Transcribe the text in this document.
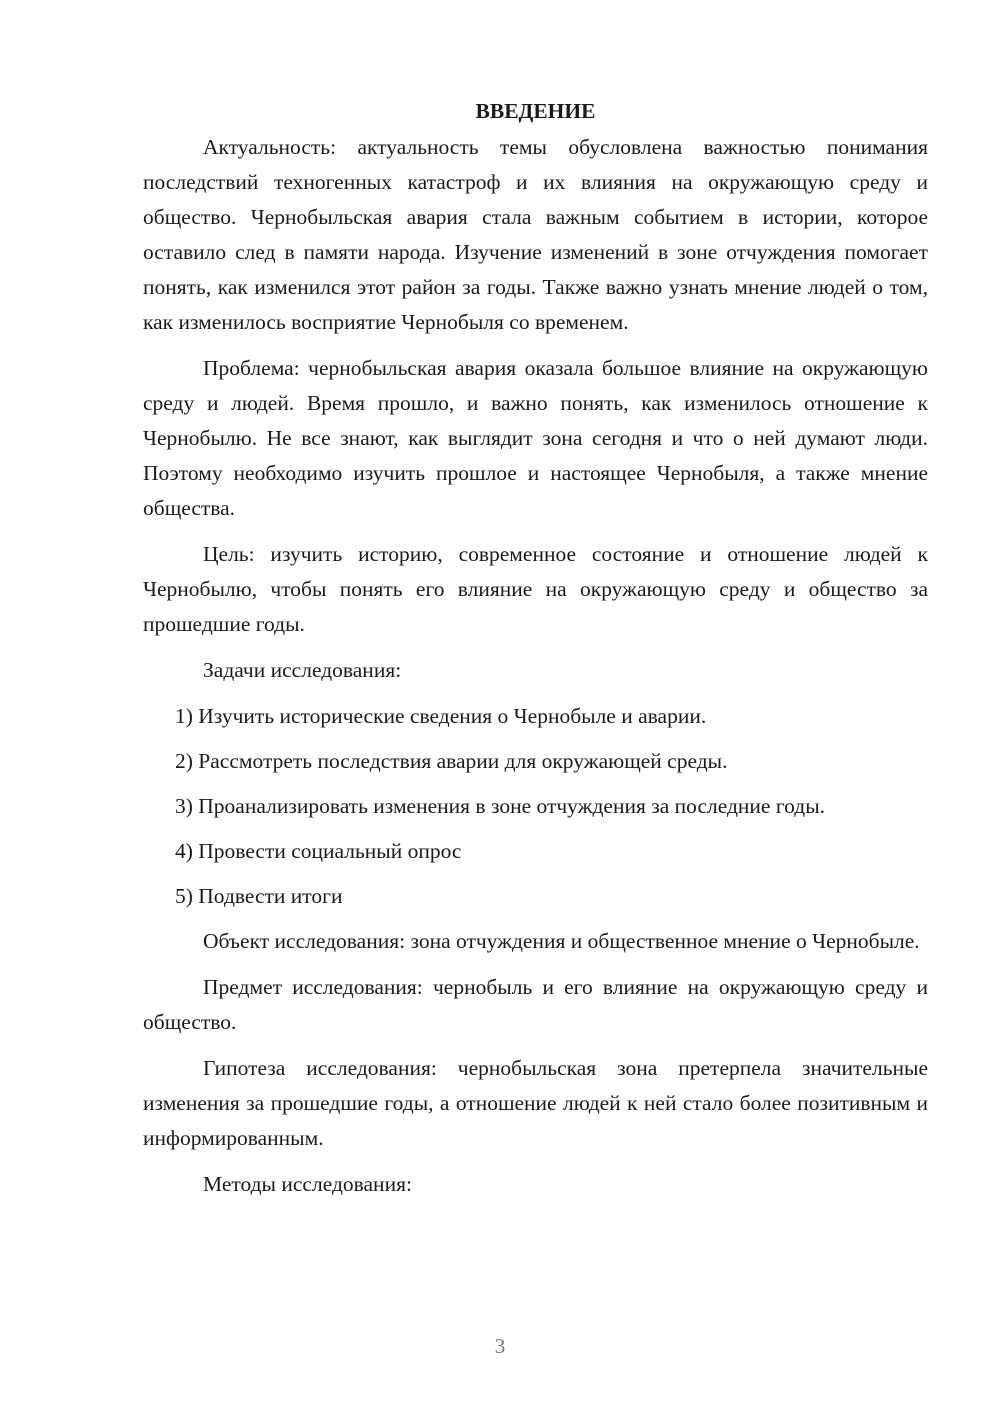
ВВЕДЕНИЕ

Актуальность: актуальность темы обусловлена важностью понимания последствий техногенных катастроф и их влияния на окружающую среду и общество. Чернобыльская авария стала важным событием в истории, которое оставило след в памяти народа. Изучение изменений в зоне отчуждения помогает понять, как изменился этот район за годы. Также важно узнать мнение людей о том, как изменилось восприятие Чернобыля со временем.

Проблема: чернобыльская авария оказала большое влияние на окружающую среду и людей. Время прошло, и важно понять, как изменилось отношение к Чернобылю. Не все знают, как выглядит зона сегодня и что о ней думают люди. Поэтому необходимо изучить прошлое и настоящее Чернобыля, а также мнение общества.

Цель: изучить историю, современное состояние и отношение людей к Чернобылю, чтобы понять его влияние на окружающую среду и общество за прошедшие годы.

Задачи исследования:

1) Изучить исторические сведения о Чернобыле и аварии.
2) Рассмотреть последствия аварии для окружающей среды.
3) Проанализировать изменения в зоне отчуждения за последние годы.
4) Провести социальный опрос
5) Подвести итоги

Объект исследования: зона отчуждения и общественное мнение о Чернобыле.

Предмет исследования: чернобыль и его влияние на окружающую среду и общество.

Гипотеза исследования: чернобыльская зона претерпела значительные изменения за прошедшие годы, а отношение людей к ней стало более позитивным и информированным.

Методы исследования:

3
